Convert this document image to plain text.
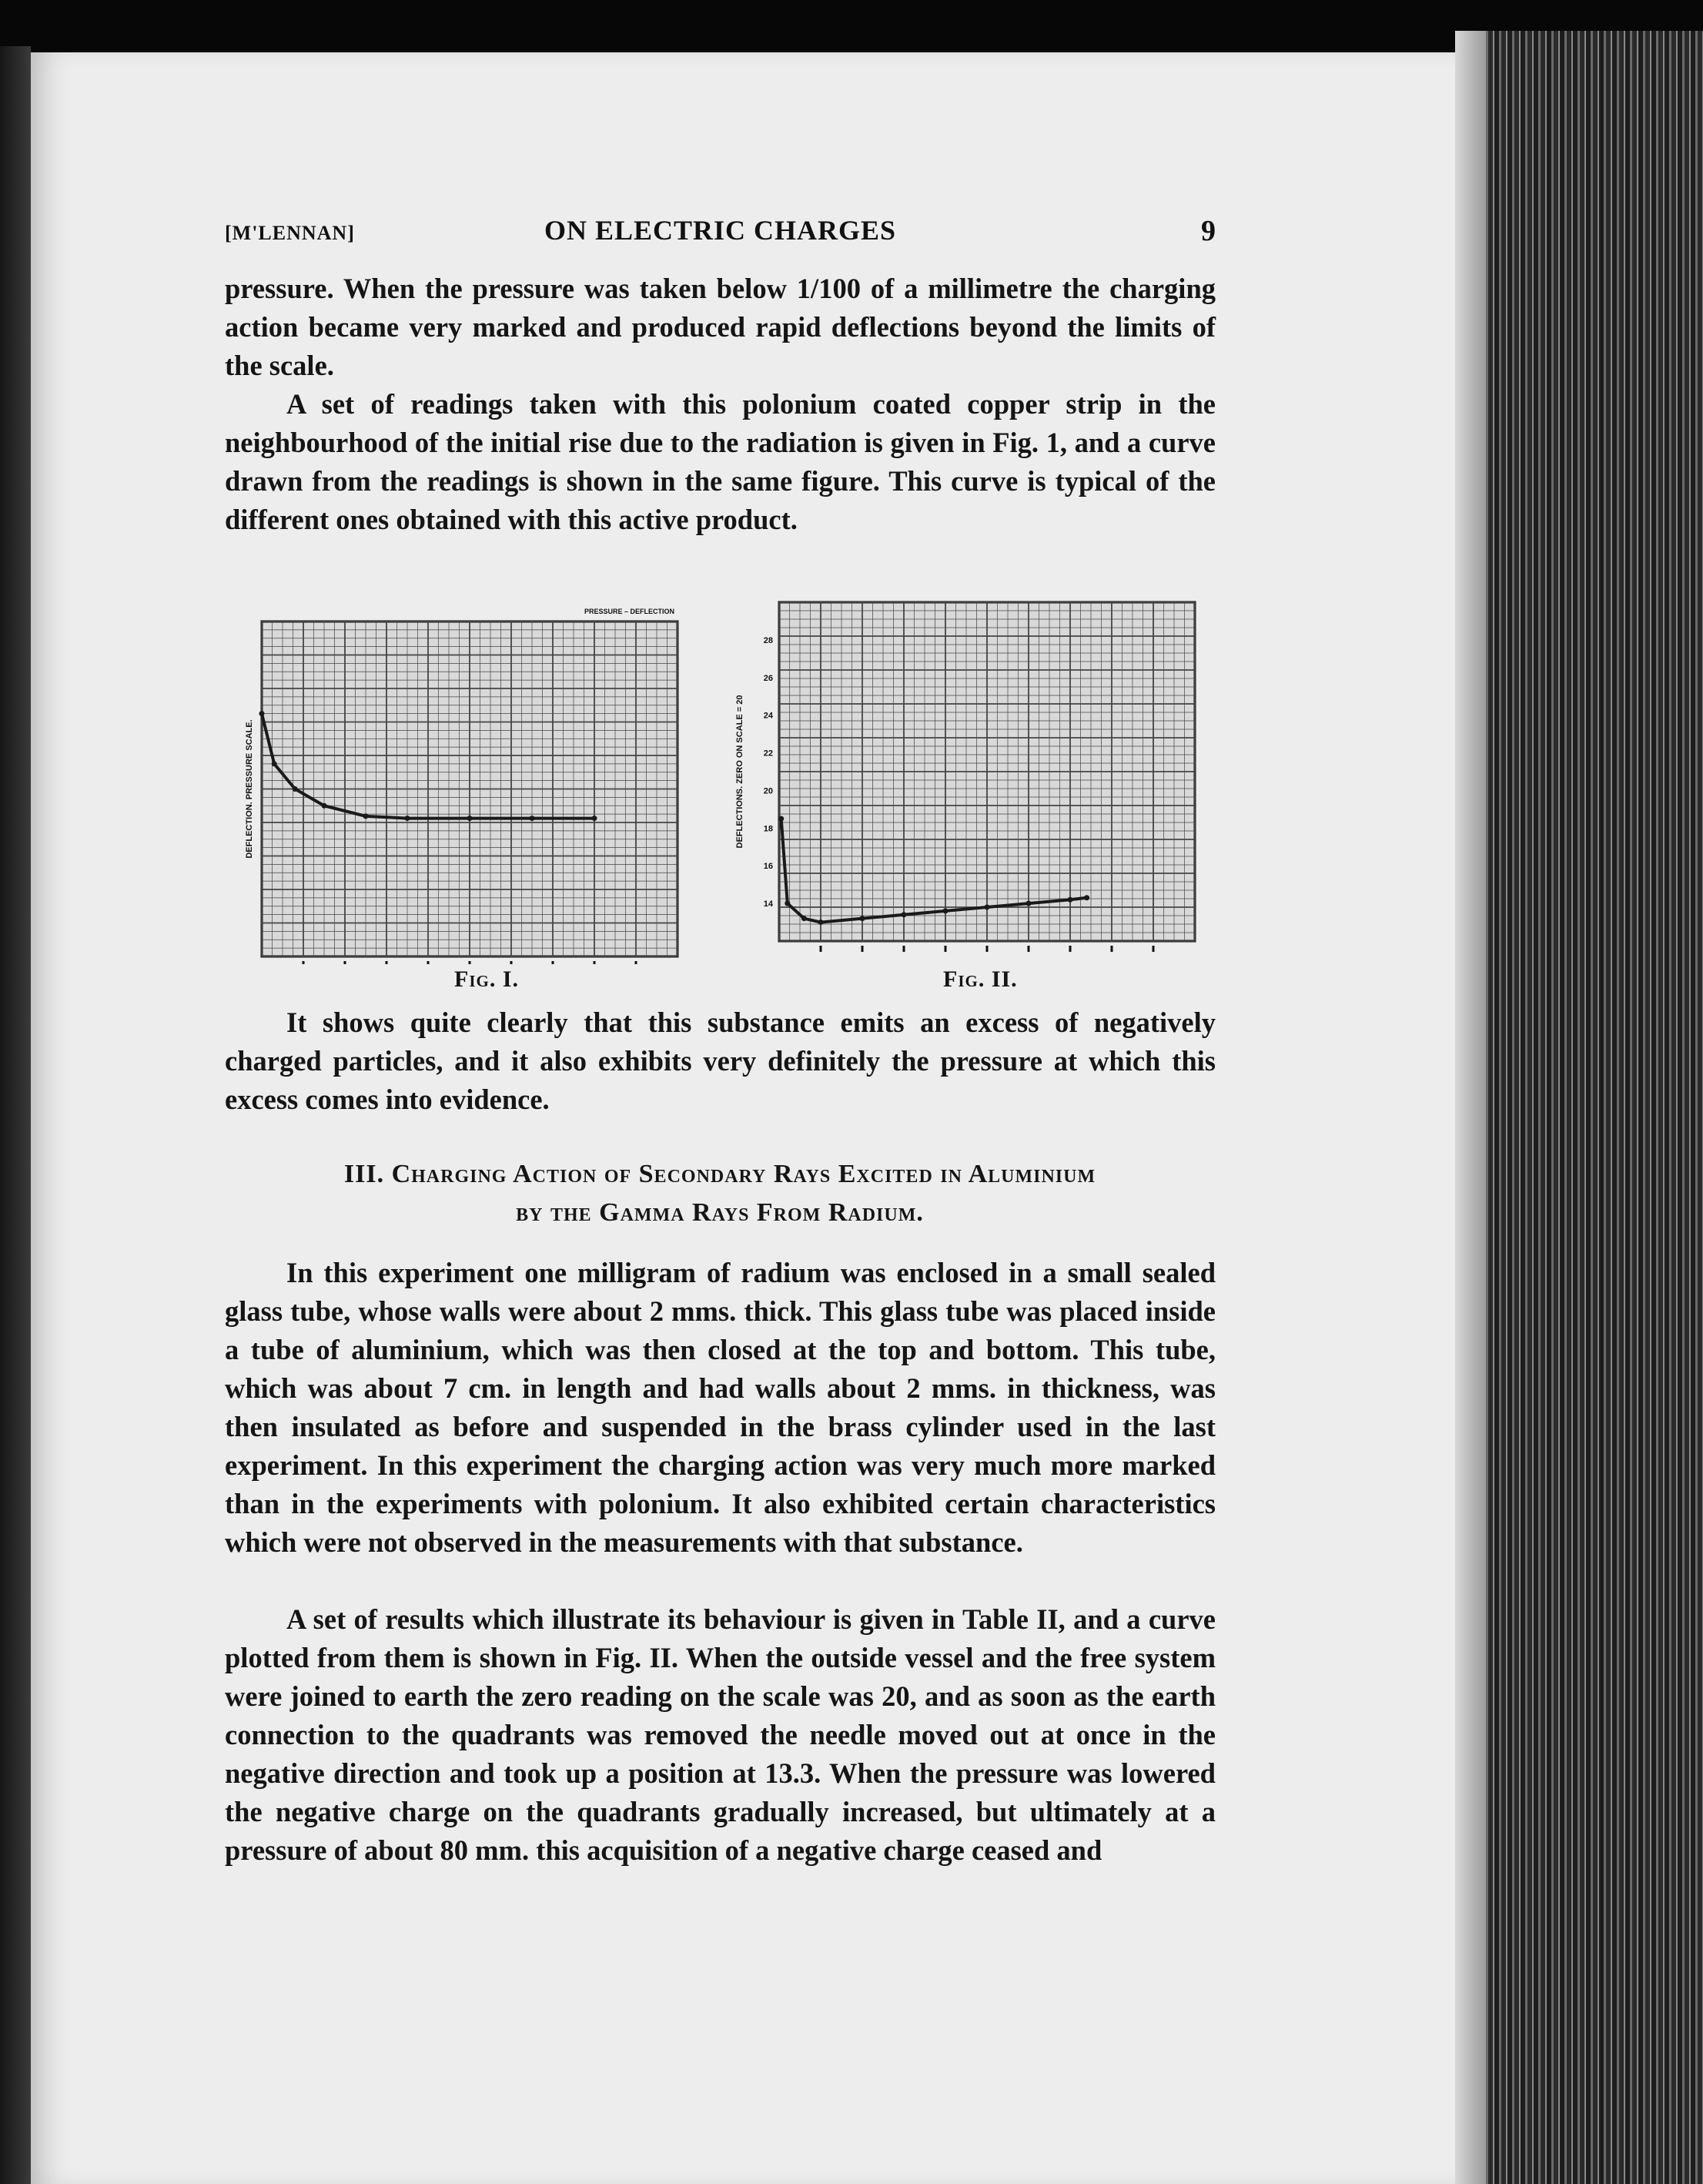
[M'LENNAN]	ON ELECTRIC CHARGES	9

pressure. When the pressure was taken below 1/100 of a millimetre the charging action became very marked and produced rapid deflections beyond the limits of the scale.

A set of readings taken with this polonium coated copper strip in the neighbourhood of the initial rise due to the radiation is given in Fig. 1, and a curve drawn from the readings is shown in the same figure. This curve is typical of the different ones obtained with this active product.

DEFLECTION. PRESSURE SCALE.
PRESSURE – DEFLECTION
DEFLECTIONS. ZERO ON SCALE = 20
14
16
18
20
22
24
26
28
Fig. I.	Fig. II.

It shows quite clearly that this substance emits an excess of negatively charged particles, and it also exhibits very definitely the pressure at which this excess comes into evidence.

III. Charging Action of Secondary Rays Excited in Aluminium
by the Gamma Rays From Radium.

In this experiment one milligram of radium was enclosed in a small sealed glass tube, whose walls were about 2 mms. thick. This glass tube was placed inside a tube of aluminium, which was then closed at the top and bottom. This tube, which was about 7 cm. in length and had walls about 2 mms. in thickness, was then insulated as before and suspended in the brass cylinder used in the last experiment. In this experiment the charging action was very much more marked than in the experiments with polonium. It also exhibited certain characteristics which were not observed in the measurements with that substance.

A set of results which illustrate its behaviour is given in Table II, and a curve plotted from them is shown in Fig. II. When the outside vessel and the free system were joined to earth the zero reading on the scale was 20, and as soon as the earth connection to the quadrants was removed the needle moved out at once in the negative direction and took up a position at 13.3. When the pressure was lowered the negative charge on the quadrants gradually increased, but ultimately at a pressure of about 80 mm. this acquisition of a negative charge ceased and
